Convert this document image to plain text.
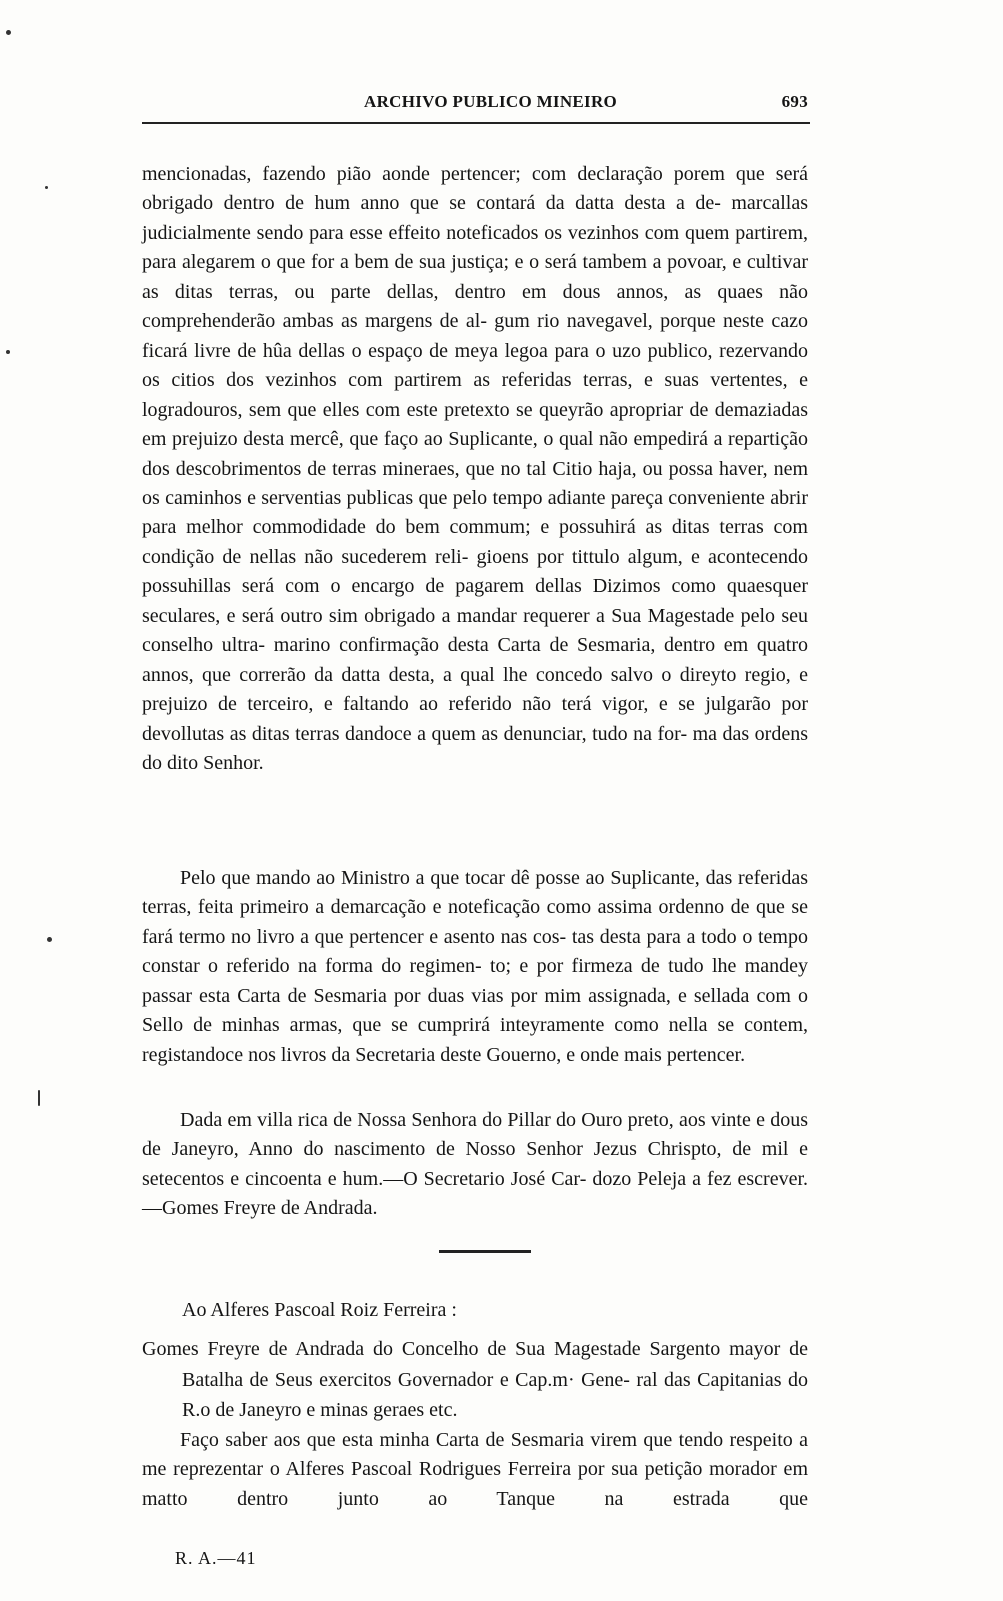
ARCHIVO PUBLICO MINEIRO	693

mencionadas, fazendo pião aonde pertencer; com declaração porem que será obrigado dentro de hum anno que se contará da datta desta a de- marcallas judicialmente sendo para esse effeito noteficados os vezinhos com quem partirem, para alegarem o que for a bem de sua justiça; e o será tambem a povoar, e cultivar as ditas terras, ou parte dellas, dentro em dous annos, as quaes não comprehenderão ambas as margens de al- gum rio navegavel, porque neste cazo ficará livre de hûa dellas o espaço de meya legoa para o uzo publico, rezervando os citios dos vezinhos com partirem as referidas terras, e suas vertentes, e logradouros, sem que elles com este pretexto se queyrão apropriar de demaziadas em prejuizo desta mercê, que faço ao Suplicante, o qual não empedirá a repartição dos descobrimentos de terras mineraes, que no tal Citio haja, ou possa haver, nem os caminhos e serventias publicas que pelo tempo adiante pareça conveniente abrir para melhor commodidade do bem commum; e possuhirá as ditas terras com condição de nellas não sucederem reli- gioens por tittulo algum, e acontecendo possuhillas será com o encargo de pagarem dellas Dizimos como quaesquer seculares, e será outro sim obrigado a mandar requerer a Sua Magestade pelo seu conselho ultra- marino confirmação desta Carta de Sesmaria, dentro em quatro annos, que correrão da datta desta, a qual lhe concedo salvo o direyto regio, e prejuizo de terceiro, e faltando ao referido não terá vigor, e se julgarão por devollutas as ditas terras dandoce a quem as denunciar, tudo na for- ma das ordens do dito Senhor.

Pelo que mando ao Ministro a que tocar dê posse ao Suplicante, das referidas terras, feita primeiro a demarcação e notefiсação como assima ordenno de que se fará termo no livro a que pertencer e asento nas cos- tas desta para a todo o tempo constar o referido na forma do regimen- to; e por firmeza de tudo lhe mandey passar esta Carta de Sesmaria por duas vias por mim assignada, e sellada com o Sello de minhas armas, que se cumprirá inteyramente como nella se contem, registandoce nos livros da Secretaria deste Gouerno, e onde mais pertencer.

Dada em villa rica de Nossa Senhora do Pillar do Ouro preto, aos vinte e dous de Janeyro, Anno do nascimento de Nosso Senhor Jezus Chrispto, de mil e setecentos e cincoenta e hum.—O Secretario José Car- dozo Peleja a fez escrever.—Gomes Freyre de Andrada.

Ao Alferes Pascoal Roiz Ferreira :

Gomes Freyre de Andrada do Concelho de Sua Magestade Sargento mayor de Batalha de Seus exercitos Governador e Cap.m· Gene- ral das Capitanias do R.o de Janeyro e minas geraes etc.

Faço saber aos que esta minha Carta de Sesmaria virem que tendo respeito a me reprezentar o Alferes Pascoal Rodrigues Ferreira por sua petição morador em matto dentro junto ao Tanque na estrada que

R. A.—41
